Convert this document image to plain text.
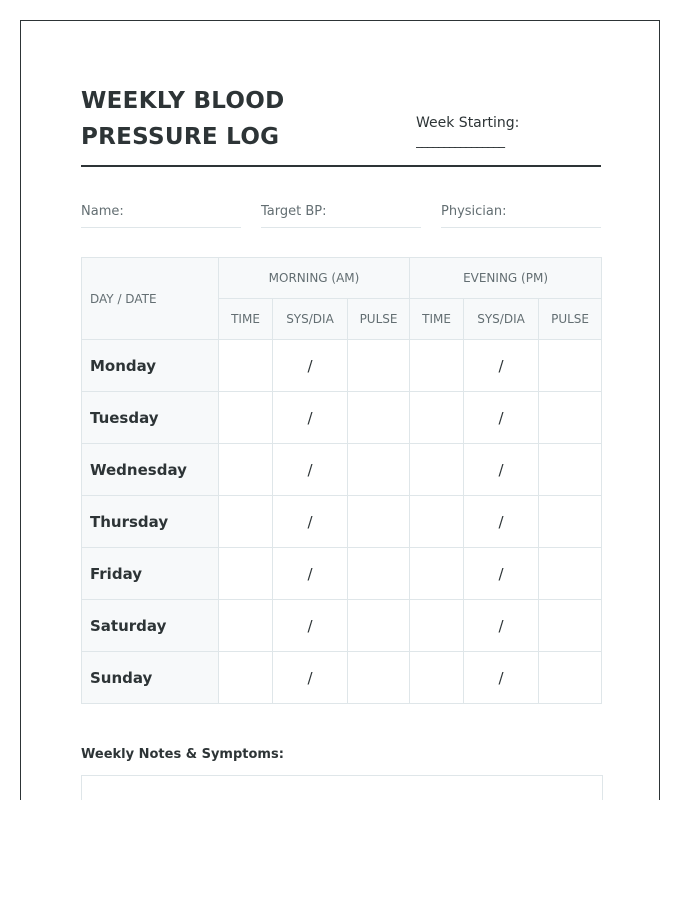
WEEKLY BLOOD PRESSURE LOG
Week Starting:
________________
Name:	Target BP:	Physician:
DAY / DATE	MORNING (AM)			EVENING (PM)		
	TIME	SYS/DIA	PULSE	TIME	SYS/DIA	PULSE
Monday		/			/	
Tuesday		/			/	
Wednesday		/			/	
Thursday		/			/	
Friday		/			/	
Saturday		/			/	
Sunday		/			/	
Weekly Notes & Symptoms:
